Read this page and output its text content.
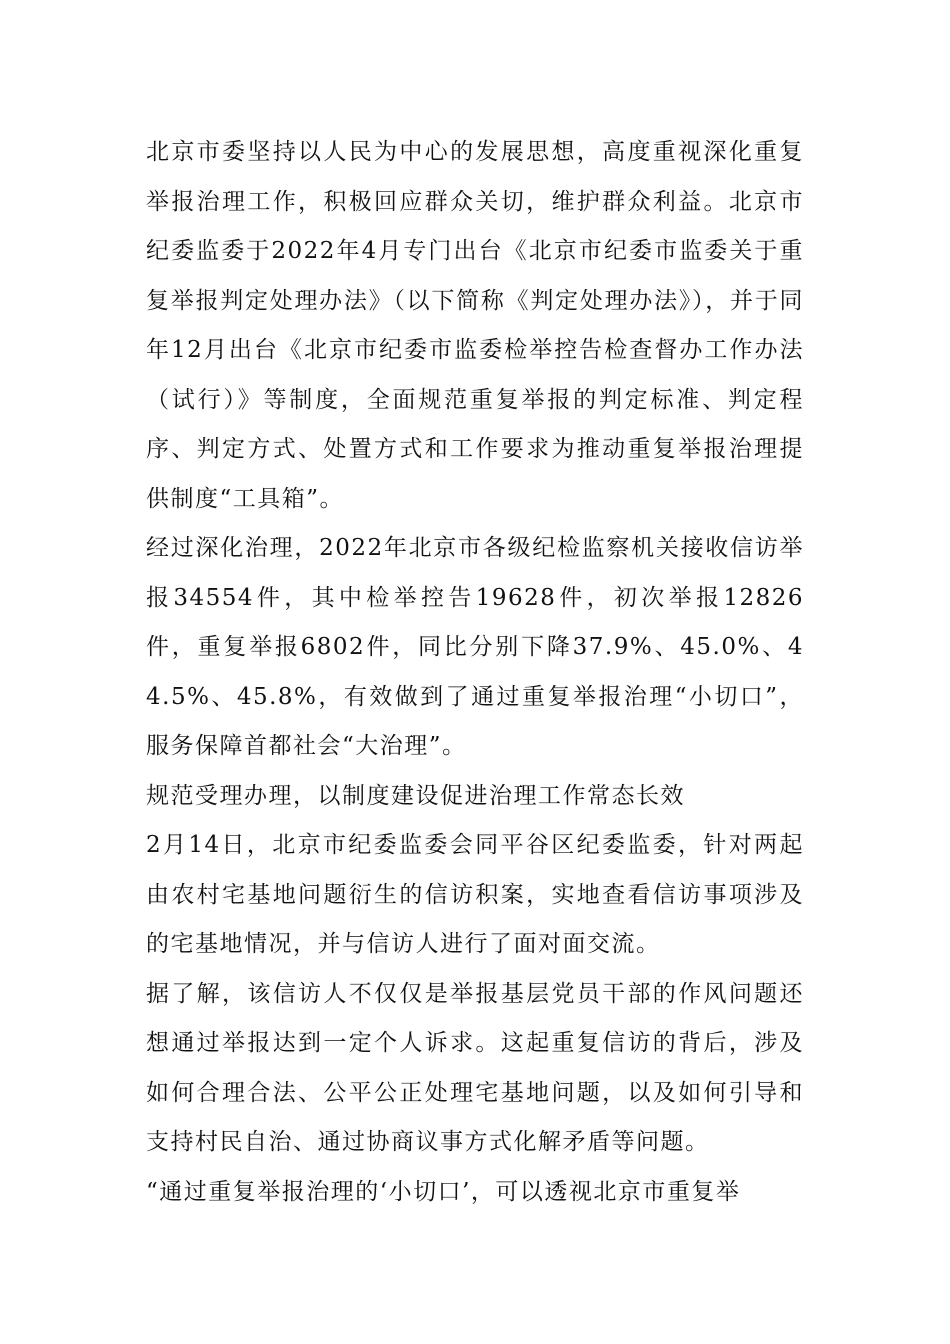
北京市委坚持以人民为中心的发展思想，高度重视深化重复举报治理工作，积极回应群众关切，维护群众利益。北京市纪委监委于2022年4月专门出台《北京市纪委市监委关于重复举报判定处理办法》（以下简称《判定处理办法》），并于同年12月出台《北京市纪委市监委检举控告检查督办工作办法（试行）》等制度，全面规范重复举报的判定标准、判定程序、判定方式、处置方式和工作要求为推动重复举报治理提供制度“工具箱”。

经过深化治理，2022年北京市各级纪检监察机关接收信访举报34554件，其中检举控告19628件，初次举报12826件，重复举报6802件，同比分别下降37.9%、45.0%、44.5%、45.8%，有效做到了通过重复举报治理“小切口”，服务保障首都社会“大治理”。

规范受理办理，以制度建设促进治理工作常态长效

2月14日，北京市纪委监委会同平谷区纪委监委，针对两起由农村宅基地问题衍生的信访积案，实地查看信访事项涉及的宅基地情况，并与信访人进行了面对面交流。

据了解，该信访人不仅仅是举报基层党员干部的作风问题还想通过举报达到一定个人诉求。这起重复信访的背后，涉及如何合理合法、公平公正处理宅基地问题，以及如何引导和支持村民自治、通过协商议事方式化解矛盾等问题。

“通过重复举报治理的‘小切口’，可以透视北京市重复举
